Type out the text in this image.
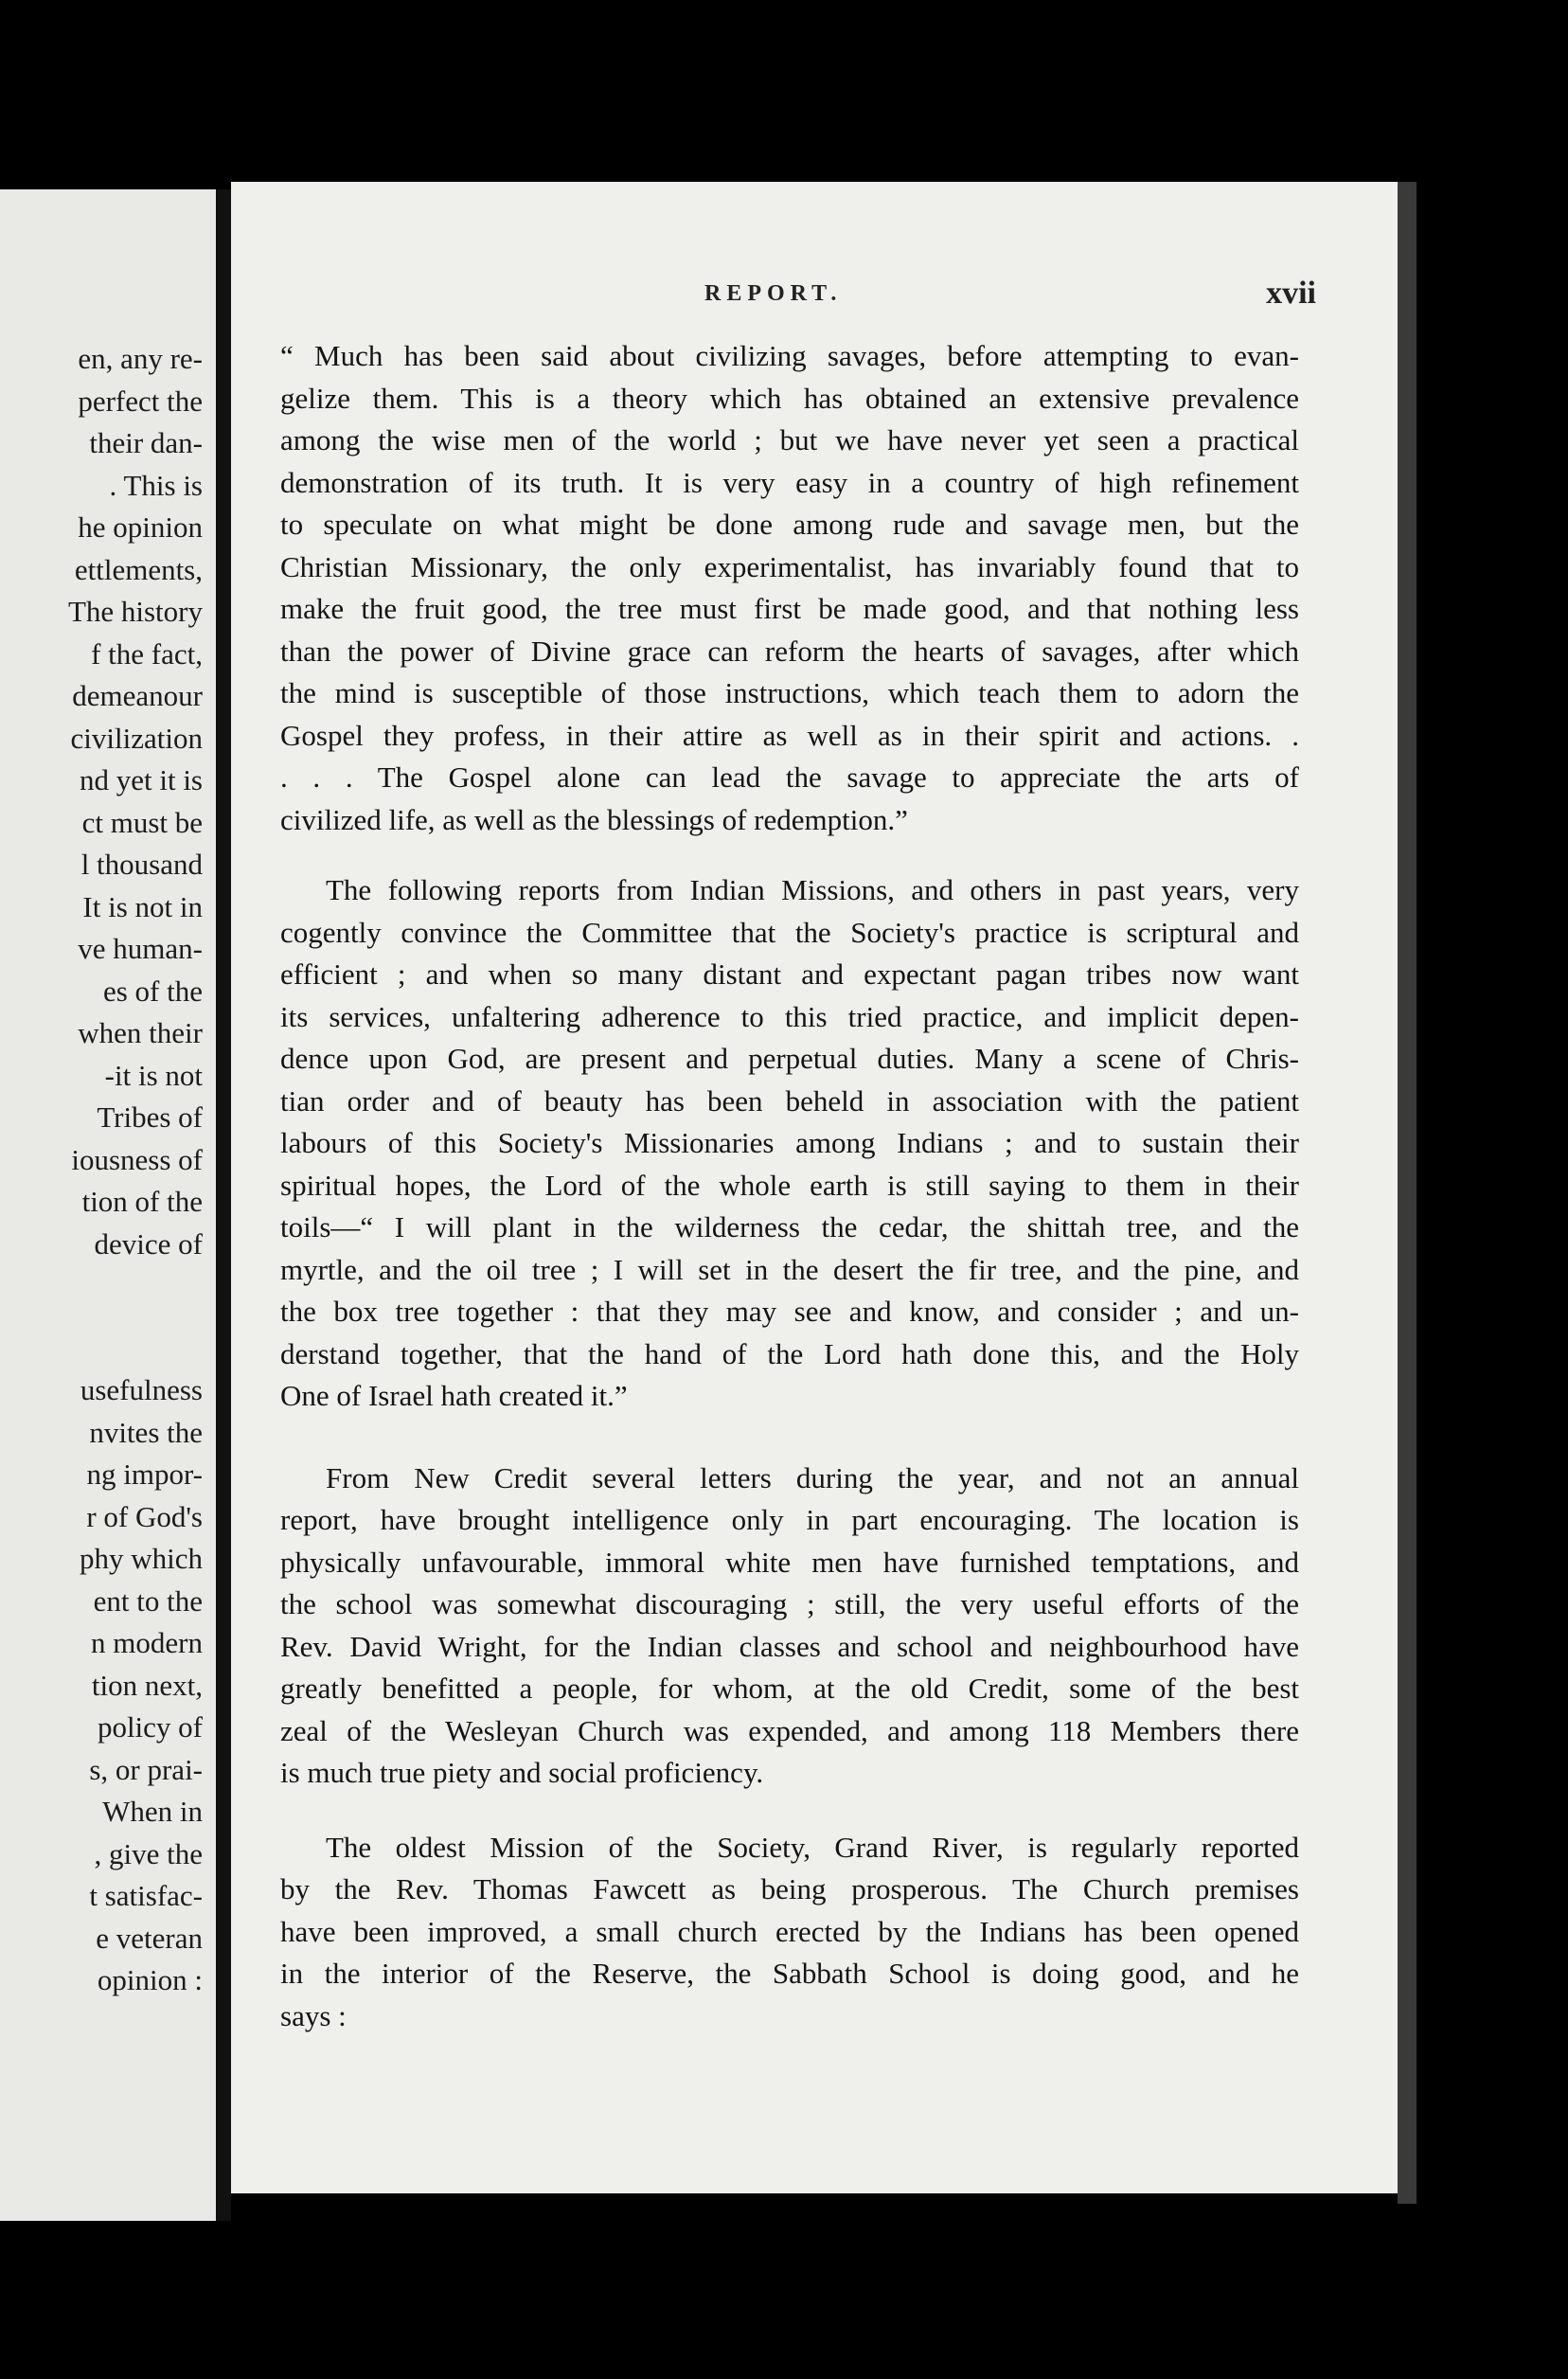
en, any re-
perfect the
their dan-
. This is
he opinion
ettlements,
The history
f the fact,
demeanour
civilization
nd yet it is
ct must be
l thousand
It is not in
ve human-
es of the
when their
-it is not
Tribes of
iousness of
tion of the
device of
usefulness
nvites the
ng impor-
r of God's
phy which
ent to the
n modern
tion next,
policy of
s, or prai-
When in
, give the
t satisfac-
e veteran
opinion :
REPORT.	xvii
“ Much has been said about civilizing savages, before attempting to evan-
gelize them. This is a theory which has obtained an extensive prevalence
among the wise men of the world ; but we have never yet seen a practical
demonstration of its truth. It is very easy in a country of high refinement
to speculate on what might be done among rude and savage men, but the
Christian Missionary, the only experimentalist, has invariably found that to
make the fruit good, the tree must first be made good, and that nothing less
than the power of Divine grace can reform the hearts of savages, after which
the mind is susceptible of those instructions, which teach them to adorn the
Gospel they profess, in their attire as well as in their spirit and actions. .
. . . The Gospel alone can lead the savage to appreciate the arts of
civilized life, as well as the blessings of redemption.”
The following reports from Indian Missions, and others in past years, very
cogently convince the Committee that the Society's practice is scriptural and
efficient ; and when so many distant and expectant pagan tribes now want
its services, unfaltering adherence to this tried practice, and implicit depen-
dence upon God, are present and perpetual duties. Many a scene of Chris-
tian order and of beauty has been beheld in association with the patient
labours of this Society's Missionaries among Indians ; and to sustain their
spiritual hopes, the Lord of the whole earth is still saying to them in their
toils—“ I will plant in the wilderness the cedar, the shittah tree, and the
myrtle, and the oil tree ; I will set in the desert the fir tree, and the pine, and
the box tree together : that they may see and know, and consider ; and un-
derstand together, that the hand of the Lord hath done this, and the Holy
One of Israel hath created it.”
From New Credit several letters during the year, and not an annual
report, have brought intelligence only in part encouraging. The location is
physically unfavourable, immoral white men have furnished temptations, and
the school was somewhat discouraging ; still, the very useful efforts of the
Rev. David Wright, for the Indian classes and school and neighbourhood have
greatly benefitted a people, for whom, at the old Credit, some of the best
zeal of the Wesleyan Church was expended, and among 118 Members there
is much true piety and social proficiency.
The oldest Mission of the Society, Grand River, is regularly reported
by the Rev. Thomas Fawcett as being prosperous. The Church premises
have been improved, a small church erected by the Indians has been opened
in the interior of the Reserve, the Sabbath School is doing good, and he
says :
